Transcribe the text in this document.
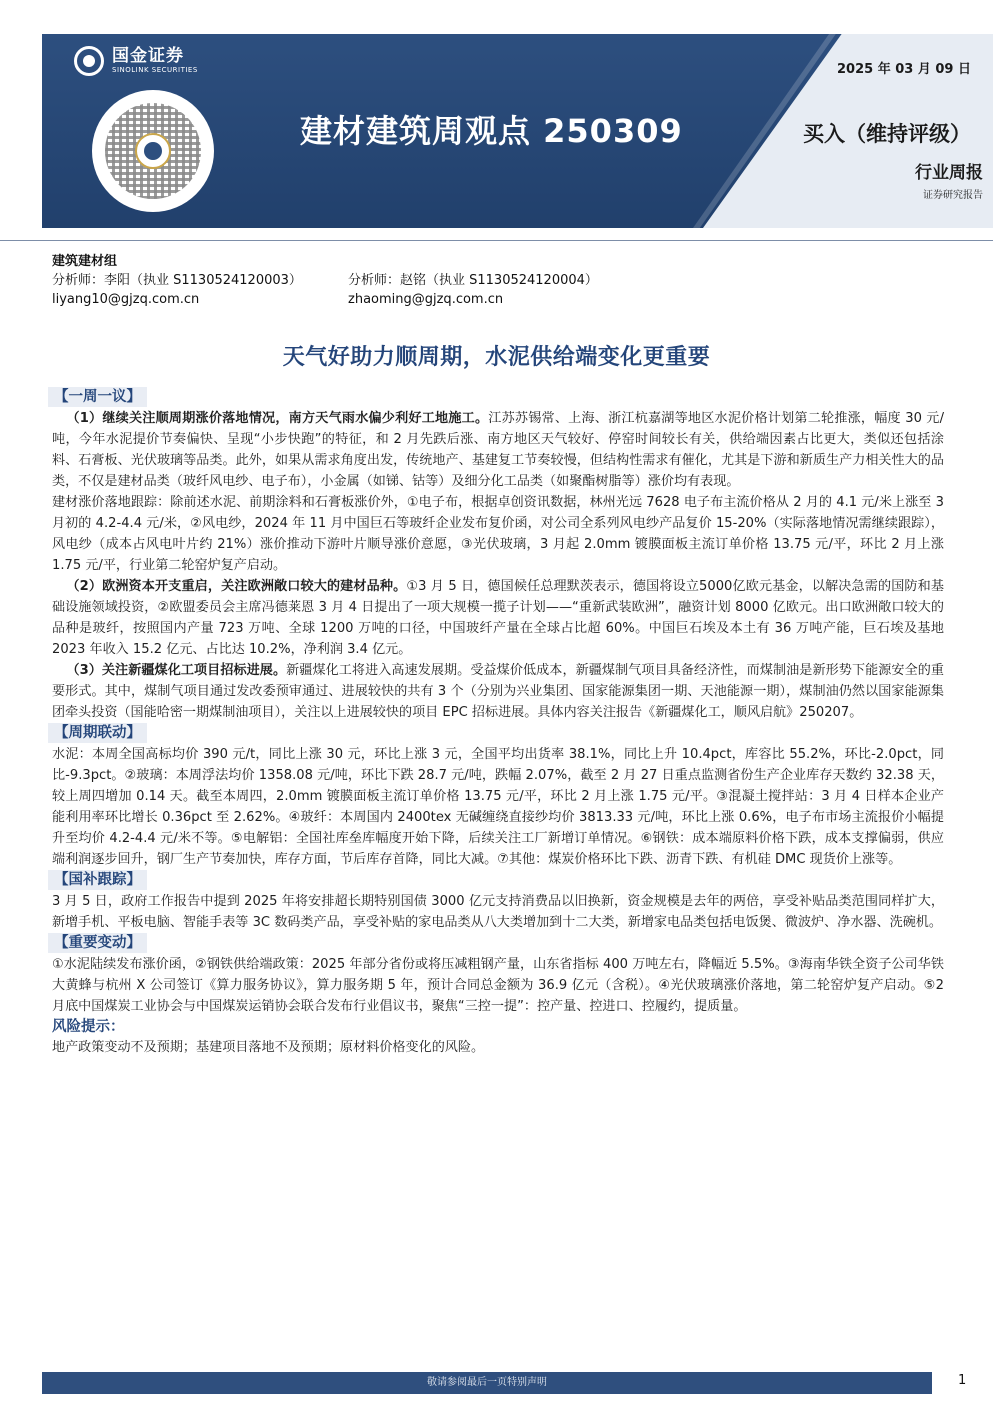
国金证券
SINOLINK SECURITIES
建材建筑周观点 250309
2025 年 03 月 09 日
买入（维持评级）
行业周报
证券研究报告
建筑建材组
分析师：李阳（执业 S1130524120003）	分析师：赵铭（执业 S1130524120004）
liyang10@gjzq.com.cn	zhaoming@gjzq.com.cn
天气好助力顺周期，水泥供给端变化更重要
【一周一议】

（1）继续关注顺周期涨价落地情况，南方天气雨水偏少利好工地施工。江苏苏锡常、上海、浙江杭嘉湖等地区水泥价格计划第二轮推涨，幅度 30 元/吨，今年水泥提价节奏偏快、呈现“小步快跑”的特征，和 2 月先跌后涨、南方地区天气较好、停窑时间较长有关，供给端因素占比更大，类似还包括涂料、石膏板、光伏玻璃等品类。此外，如果从需求角度出发，传统地产、基建复工节奏较慢，但结构性需求有催化，尤其是下游和新质生产力相关性大的品类，不仅是建材品类（玻纤风电纱、电子布），小金属（如锑、钴等）及细分化工品类（如聚酯树脂等）涨价均有表现。

建材涨价落地跟踪：除前述水泥、前期涂料和石膏板涨价外，①电子布，根据卓创资讯数据，林州光远 7628 电子布主流价格从 2 月的 4.1 元/米上涨至 3 月初的 4.2-4.4 元/米，②风电纱，2024 年 11 月中国巨石等玻纤企业发布复价函，对公司全系列风电纱产品复价 15-20%（实际落地情况需继续跟踪），风电纱（成本占风电叶片约 21%）涨价推动下游叶片顺导涨价意愿，③光伏玻璃，3 月起 2.0mm 镀膜面板主流订单价格 13.75 元/平，环比 2 月上涨 1.75 元/平，行业第二轮窑炉复产启动。

（2）欧洲资本开支重启，关注欧洲敞口较大的建材品种。①3 月 5 日，德国候任总理默茨表示，德国将设立5000亿欧元基金，以解决急需的国防和基础设施领域投资，②欧盟委员会主席冯德莱恩 3 月 4 日提出了一项大规模一揽子计划——“重新武装欧洲”，融资计划 8000 亿欧元。出口欧洲敞口较大的品种是玻纤，按照国内产量 723 万吨、全球 1200 万吨的口径，中国玻纤产量在全球占比超 60%。中国巨石埃及本土有 36 万吨产能，巨石埃及基地 2023 年收入 15.2 亿元、占比达 10.2%，净利润 3.4 亿元。

（3）关注新疆煤化工项目招标进展。新疆煤化工将进入高速发展期。受益煤价低成本，新疆煤制气项目具备经济性，而煤制油是新形势下能源安全的重要形式。其中，煤制气项目通过发改委预审通过、进展较快的共有 3 个（分别为兴业集团、国家能源集团一期、天池能源一期），煤制油仍然以国家能源集团牵头投资（国能哈密一期煤制油项目），关注以上进展较快的项目 EPC 招标进展。具体内容关注报告《新疆煤化工，顺风启航》250207。

【周期联动】

水泥：本周全国高标均价 390 元/t，同比上涨 30 元，环比上涨 3 元，全国平均出货率 38.1%，同比上升 10.4pct，库容比 55.2%，环比-2.0pct，同比-9.3pct。②玻璃：本周浮法均价 1358.08 元/吨，环比下跌 28.7 元/吨，跌幅 2.07%，截至 2 月 27 日重点监测省份生产企业库存天数约 32.38 天，较上周四增加 0.14 天。截至本周四，2.0mm 镀膜面板主流订单价格 13.75 元/平，环比 2 月上涨 1.75 元/平。③混凝土搅拌站：3 月 4 日样本企业产能利用率环比增长 0.36pct 至 2.62%。④玻纤：本周国内 2400tex 无碱缠绕直接纱均价 3813.33 元/吨，环比上涨 0.6%，电子布市场主流报价小幅提升至均价 4.2-4.4 元/米不等。⑤电解铝：全国社库垒库幅度开始下降，后续关注工厂新增订单情况。⑥钢铁：成本端原料价格下跌，成本支撑偏弱，供应端利润逐步回升，钢厂生产节奏加快，库存方面，节后库存首降，同比大减。⑦其他：煤炭价格环比下跌、沥青下跌、有机硅 DMC 现货价上涨等。

【国补跟踪】

3 月 5 日，政府工作报告中提到 2025 年将安排超长期特别国债 3000 亿元支持消费品以旧换新，资金规模是去年的两倍，享受补贴品类范围同样扩大，新增手机、平板电脑、智能手表等 3C 数码类产品，享受补贴的家电品类从八大类增加到十二大类，新增家电品类包括电饭煲、微波炉、净水器、洗碗机。

【重要变动】

①水泥陆续发布涨价函，②钢铁供给端政策：2025 年部分省份或将压减粗钢产量，山东省指标 400 万吨左右，降幅近 5.5%。③海南华铁全资子公司华铁大黄蜂与杭州 X 公司签订《算力服务协议》，算力服务期 5 年，预计合同总金额为 36.9 亿元（含税）。④光伏玻璃涨价落地，第二轮窑炉复产启动。⑤2 月底中国煤炭工业协会与中国煤炭运销协会联合发布行业倡议书，聚焦“三控一提”：控产量、控进口、控履约，提质量。

风险提示：

地产政策变动不及预期；基建项目落地不及预期；原材料价格变化的风险。

敬请参阅最后一页特别声明	1
